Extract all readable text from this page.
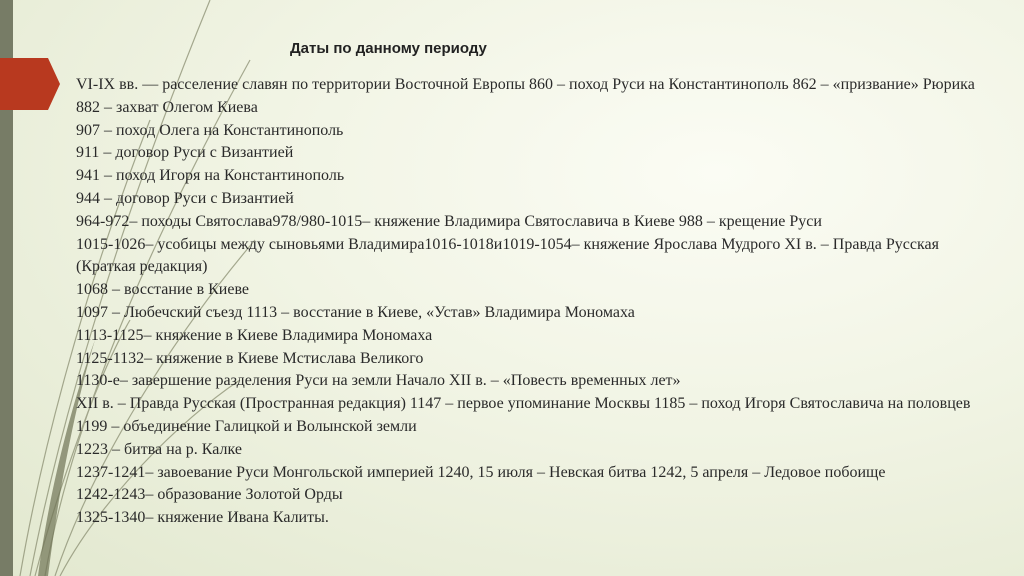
Даты по данному периоду

VI-IX вв. — расселение славян по территории Восточной Европы 860 – поход Руси на Константинополь 862 – «призвание» Рюрика 882 – захват Олегом Киева

907 – поход Олега на Константинополь

911 – договор Руси с Византией

941 – поход Игоря на Константинополь

944 – договор Руси с Византией

964-972– походы Святослава978/980-1015– княжение Владимира Святославича в Киеве 988 – крещение Руси

1015-1026– усобицы между сыновьями Владимира1016-1018и1019-1054– княжение Ярослава Мудрого XI в. – Правда Русская (Краткая редакция)

1068 – восстание в Киеве

1097 – Любечский съезд 1113 – восстание в Киеве, «Устав» Владимира Мономаха

1113-1125– княжение в Киеве Владимира Мономаха

1125-1132– княжение в Киеве Мстислава Великого

1130-е– завершение разделения Руси на земли Начало XII в. – «Повесть временных лет»

XII в. – Правда Русская (Пространная редакция) 1147 – первое упоминание Москвы 1185 – поход Игоря Святославича на половцев

1199 – объединение Галицкой и Волынской земли

1223 – битва на р. Калке

1237-1241– завоевание Руси Монгольской империей 1240, 15 июля – Невская битва 1242, 5 апреля – Ледовое побоище

1242-1243– образование Золотой Орды

1325-1340– княжение Ивана Калиты.
